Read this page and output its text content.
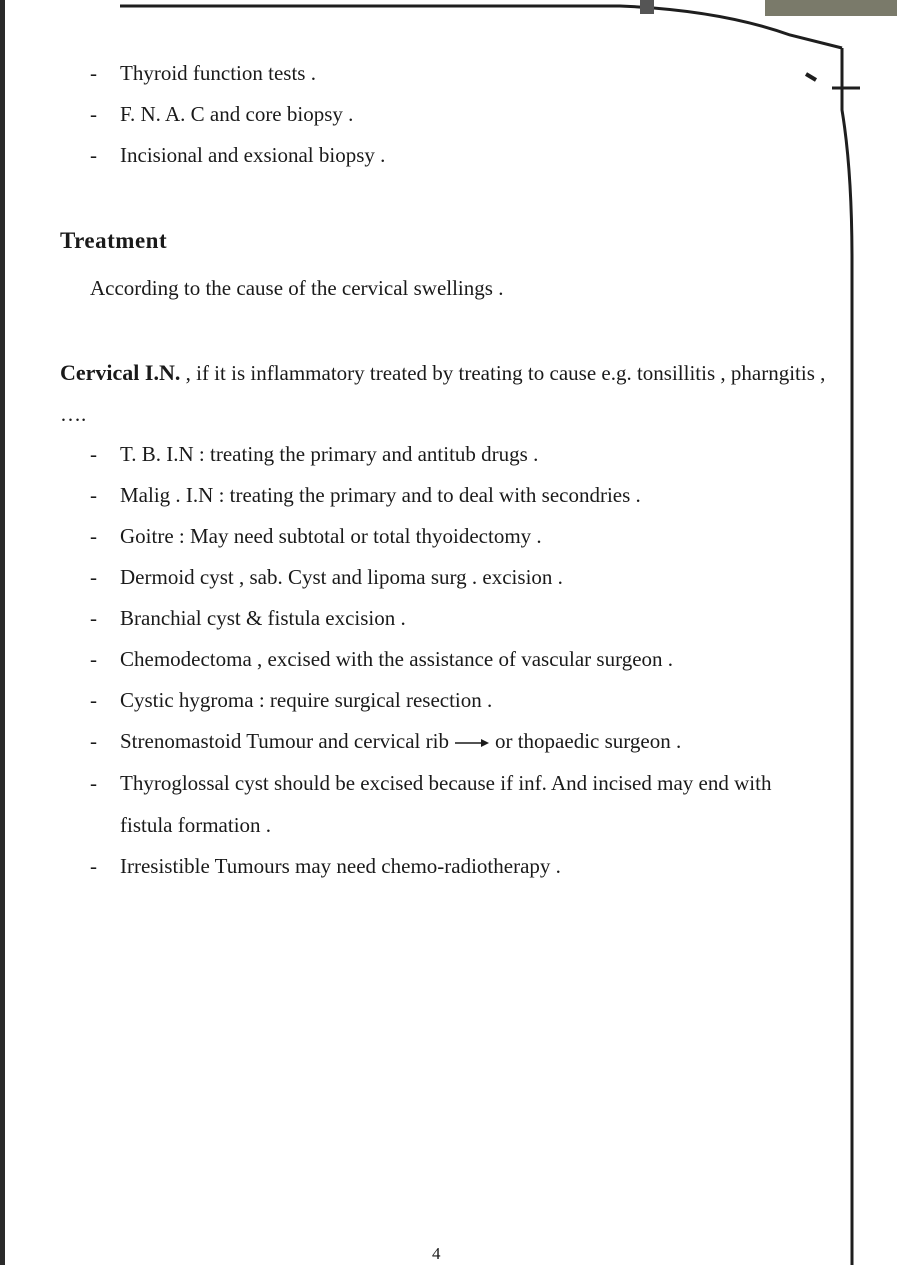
- Thyroid function tests .
- F. N. A. C and core biopsy .
- Incisional and exsional biopsy .
Treatment
According to the cause of the cervical swellings .
Cervical I.N. , if it is inflammatory treated by treating to cause e.g. tonsillitis , pharngitis , ….
- T. B. I.N : treating the primary and antitub drugs .
- Malig . I.N : treating the primary and to deal with secondries .
- Goitre : May need subtotal or total thyoidectomy .
- Dermoid cyst , sab. Cyst and lipoma surg . excision .
- Branchial cyst & fistula excision .
- Chemodectoma , excised with the assistance of vascular surgeon .
- Cystic hygroma : require surgical resection .
- Strenomastoid Tumour and cervical rib or thopaedic surgeon .
- Thyroglossal cyst should be excised because if inf. And incised may end with fistula formation .
- Irresistible Tumours may need chemo-radiotherapy .
4
